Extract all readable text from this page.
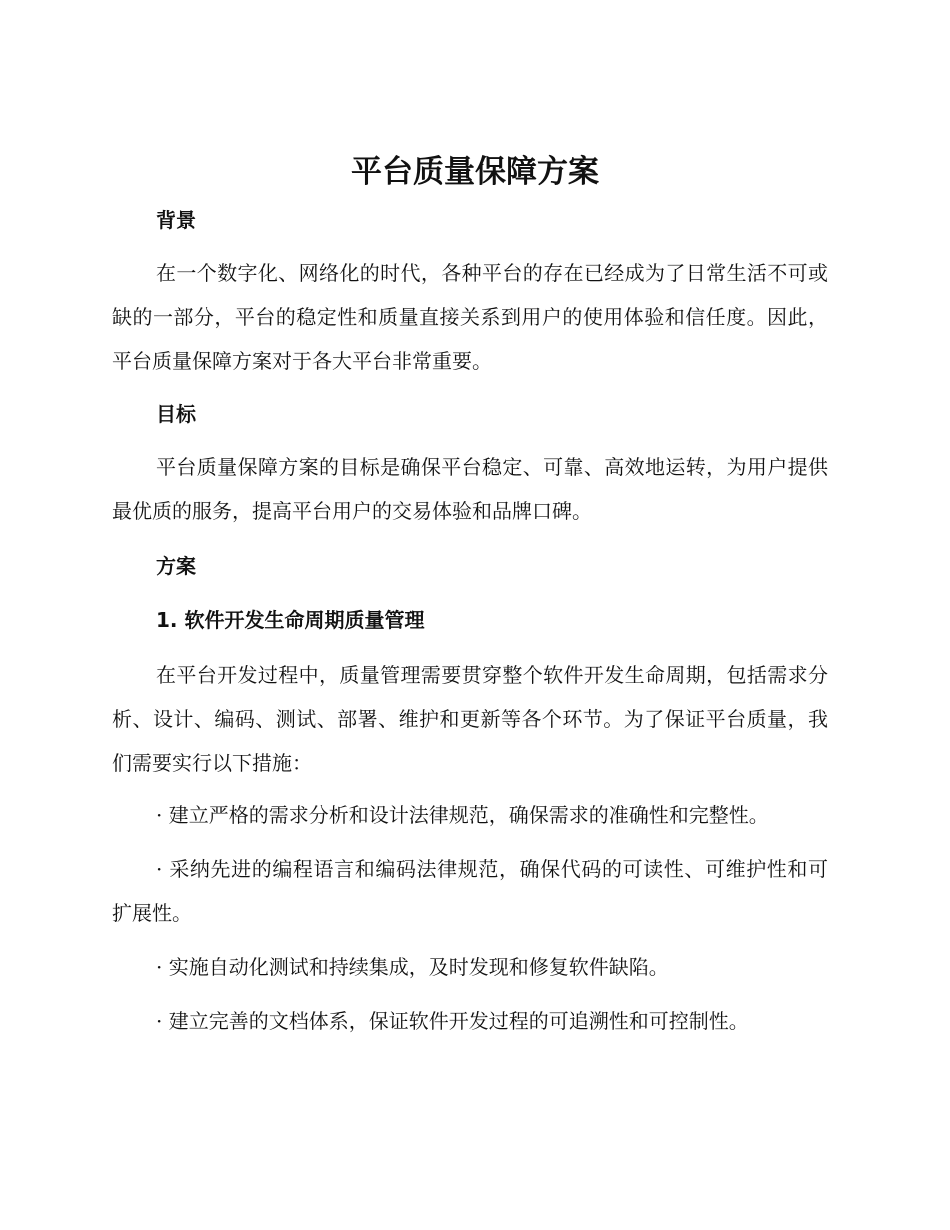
平台质量保障方案
背景

在一个数字化、网络化的时代，各种平台的存在已经成为了日常生活不可或缺的一部分，平台的稳定性和质量直接关系到用户的使用体验和信任度。因此，平台质量保障方案对于各大平台非常重要。

目标

平台质量保障方案的目标是确保平台稳定、可靠、高效地运转，为用户提供最优质的服务，提高平台用户的交易体验和品牌口碑。

方案
1. 软件开发生命周期质量管理

在平台开发过程中，质量管理需要贯穿整个软件开发生命周期，包括需求分析、设计、编码、测试、部署、维护和更新等各个环节。为了保证平台质量，我们需要实行以下措施：

· 建立严格的需求分析和设计法律规范，确保需求的准确性和完整性。

· 采纳先进的编程语言和编码法律规范，确保代码的可读性、可维护性和可扩展性。

· 实施自动化测试和持续集成，及时发现和修复软件缺陷。

· 建立完善的文档体系，保证软件开发过程的可追溯性和可控制性。
